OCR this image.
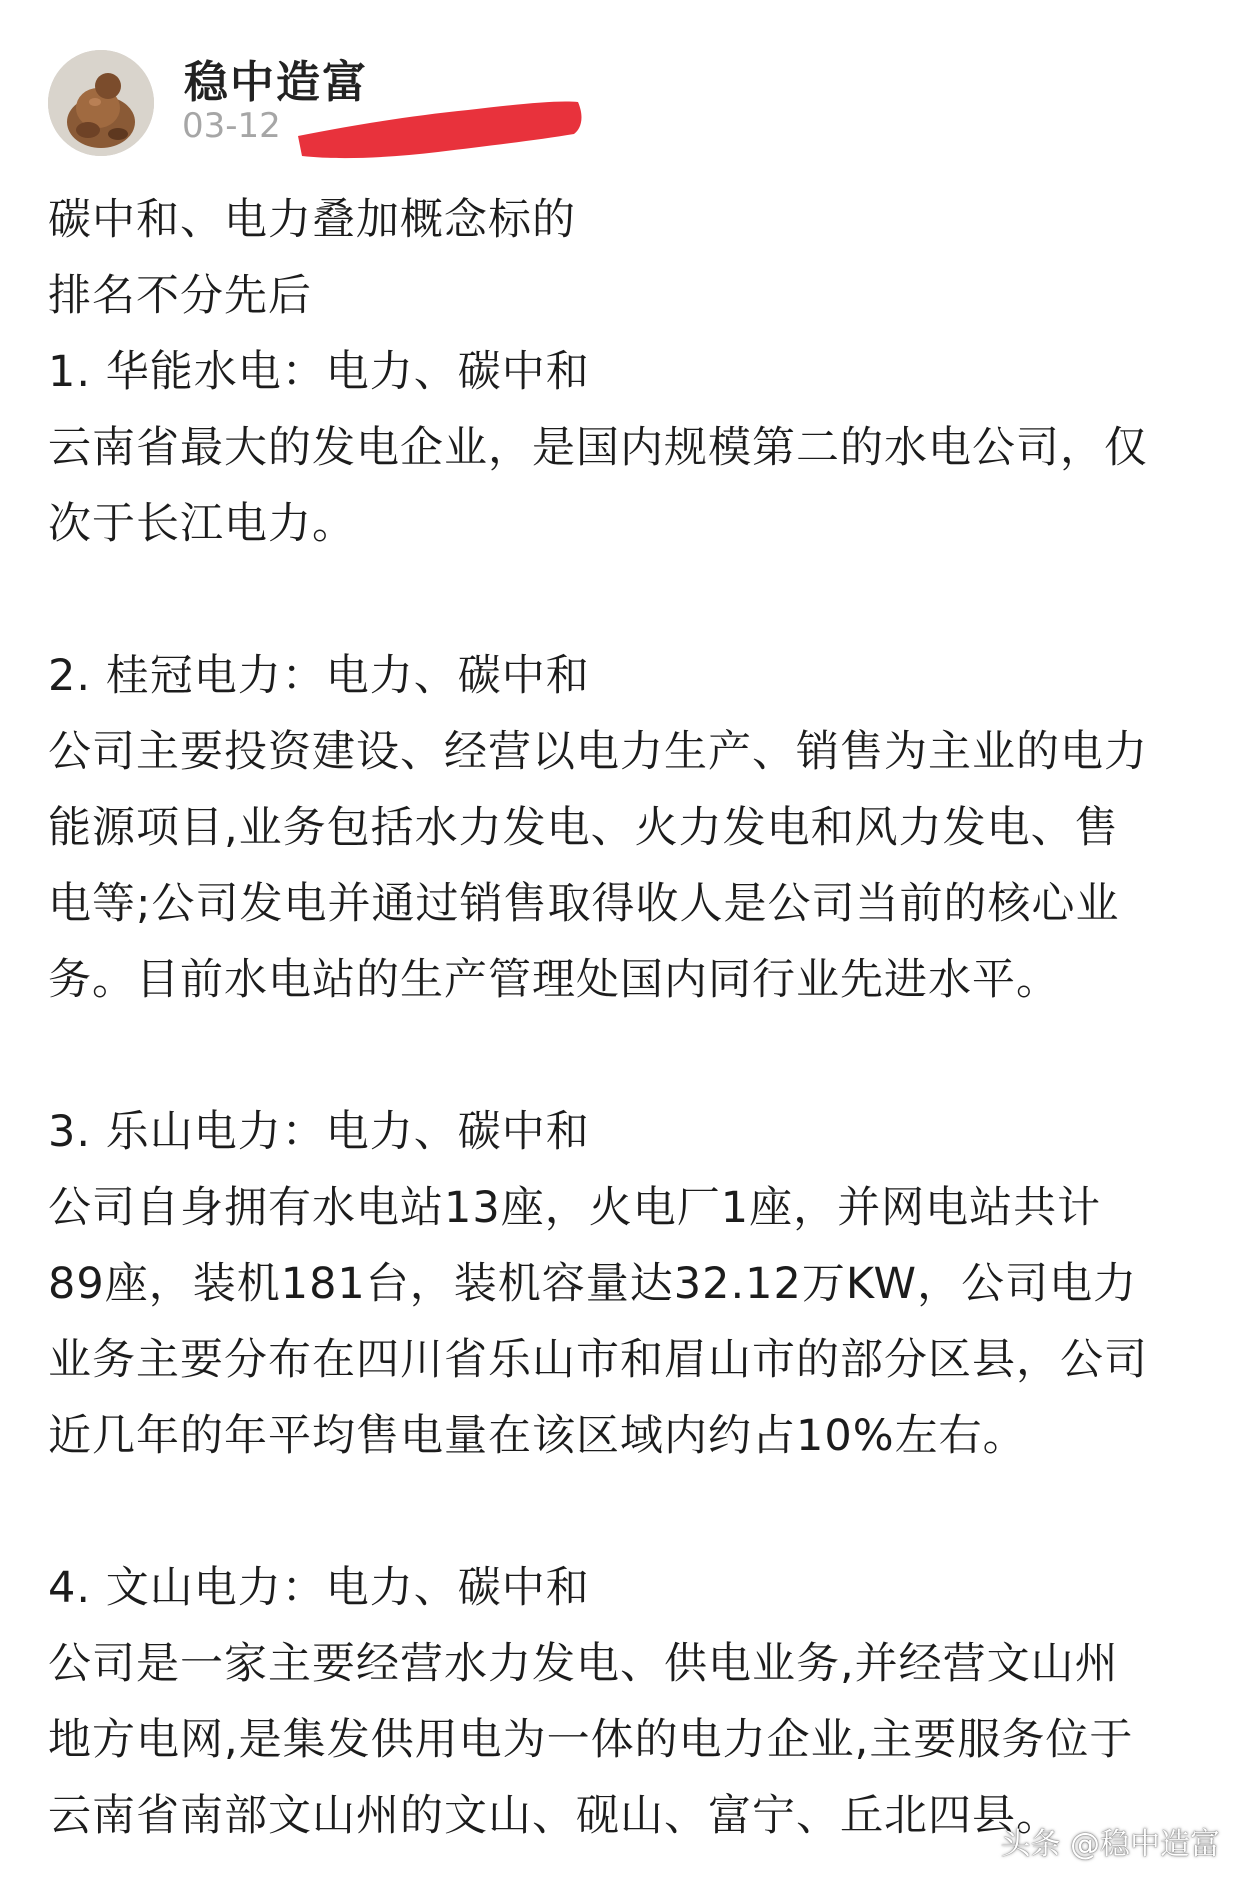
稳中造富
03-12
碳中和、电力叠加概念标的
排名不分先后
1. 华能水电：电力、碳中和
云南省最大的发电企业，是国内规模第二的水电公司，仅
次于长江电力。
2. 桂冠电力：电力、碳中和
公司主要投资建设、经营以电力生产、销售为主业的电力
能源项目,业务包括水力发电、火力发电和风力发电、售
电等;公司发电并通过销售取得收人是公司当前的核心业
务。目前水电站的生产管理处国内同行业先进水平。
3. 乐山电力：电力、碳中和
公司自身拥有水电站13座，火电厂1座，并网电站共计
89座，装机181台，装机容量达32.12万KW，公司电力
业务主要分布在四川省乐山市和眉山市的部分区县，公司
近几年的年平均售电量在该区域内约占10%左右。
4. 文山电力：电力、碳中和
公司是一家主要经营水力发电、供电业务,并经营文山州
地方电网,是集发供用电为一体的电力企业,主要服务位于
云南省南部文山州的文山、砚山、富宁、丘北四县。
头条 @稳中造富
